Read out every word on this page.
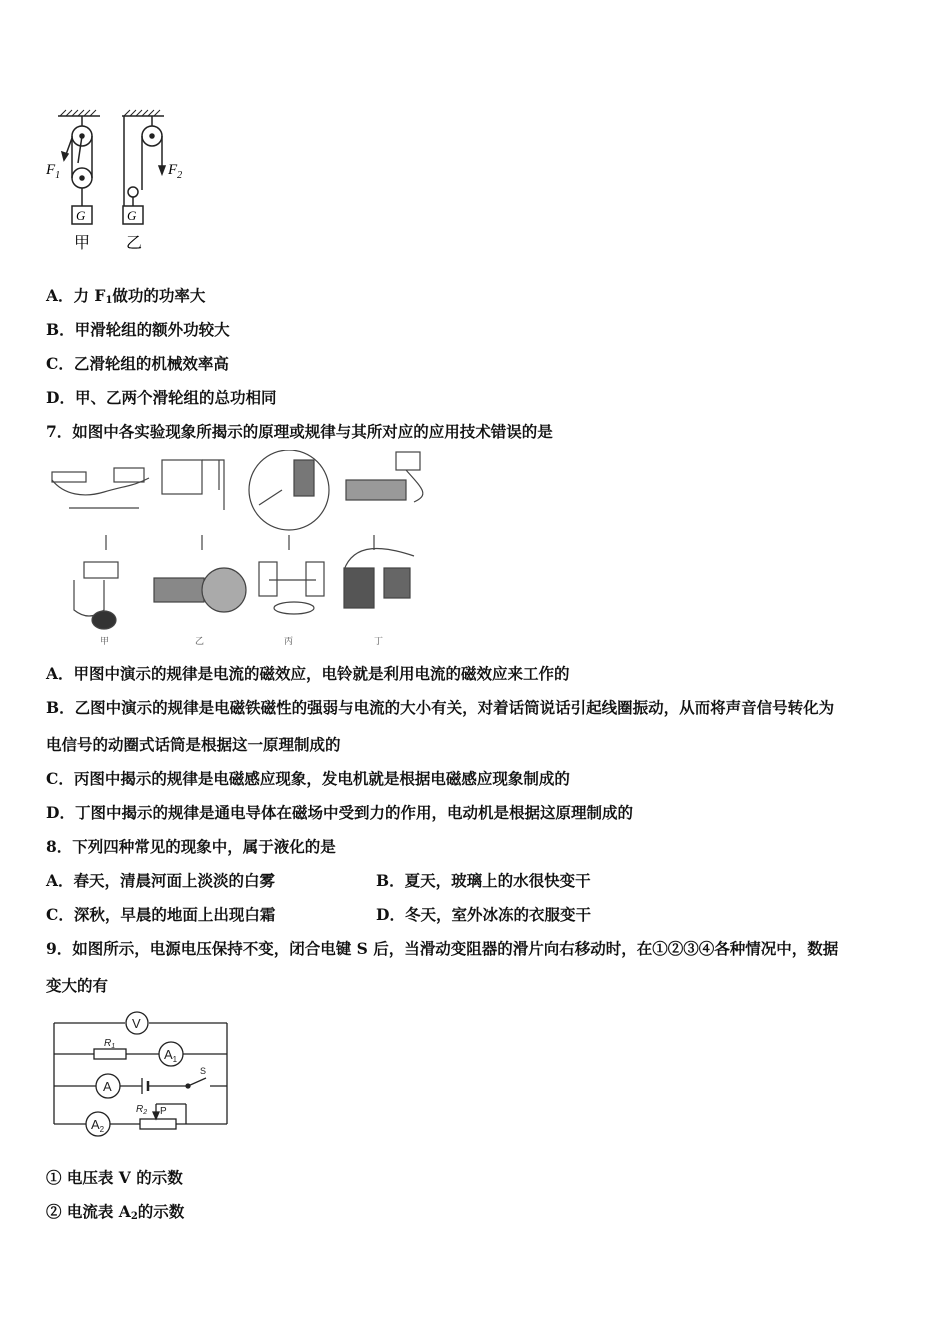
$F_1$	$F_2$
G	G
甲 乙
A．力 $F_1$做功的功率大
B．甲滑轮组的额外功较大
C．乙滑轮组的机械效率高
D．甲、乙两个滑轮组的总功相同
7．如图中各实验现象所揭示的原理或规律与其所对应的应用技术错误的是
甲	乙	丙	丁
A．甲图中演示的规律是电流的磁效应，电铃就是利用电流的磁效应来工作的
B．乙图中演示的规律是电磁铁磁性的强弱与电流的大小有关，对着话筒说话引起线圈振动，从而将声音信号转化为
电信号的动圈式话筒是根据这一原理制成的
C．丙图中揭示的规律是电磁感应现象，发电机就是根据电磁感应现象制成的
D．丁图中揭示的规律是通电导体在磁场中受到力的作用，电动机是根据这原理制成的
8．下列四种常见的现象中，属于液化的是
A．春天，清晨河面上淡淡的白雾	B．夏天，玻璃上的水很快变干
C．深秋，早晨的地面上出现白霜	D．冬天，室外冰冻的衣服变干
9．如图所示，电源电压保持不变，闭合电键 S 后，当滑动变阻器的滑片向右移动时，在①②③④各种情况中，数据
变大的有
V
$A_1$
A
$A_2$
$R_1$
$R_2$
S
P
① 电压表 V 的示数
② 电流表 $A_2$的示数
